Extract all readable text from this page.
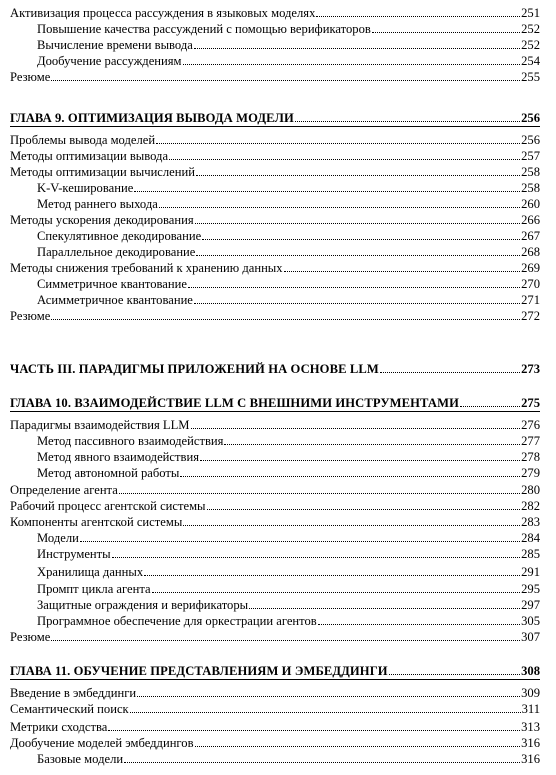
Активизация процесса рассуждения в языковых моделях	251
Повышение качества рассуждений с помощью верификаторов	252
Вычисление времени вывода	252
Дообучение рассуждениям	254
Резюме	255
ГЛАВА 9. ОПТИМИЗАЦИЯ ВЫВОДА МОДЕЛИ	256
Проблемы вывода моделей	256
Методы оптимизации вывода	257
Методы оптимизации вычислений	258
K-V-кеширование	258
Метод раннего выхода	260
Методы ускорения декодирования	266
Спекулятивное декодирование	267
Параллельное декодирование	268
Методы снижения требований к хранению данных	269
Симметричное квантование	270
Асимметричное квантование	271
Резюме	272
ЧАСТЬ III. ПАРАДИГМЫ ПРИЛОЖЕНИЙ НА ОСНОВЕ LLM	273
ГЛАВА 10. ВЗАИМОДЕЙСТВИЕ LLM С ВНЕШНИМИ ИНСТРУМЕНТАМИ	275
Парадигмы взаимодействия LLM	276
Метод пассивного взаимодействия	277
Метод явного взаимодействия	278
Метод автономной работы	279
Определение агента	280
Рабочий процесс агентской системы	282
Компоненты агентской системы	283
Модели	284
Инструменты	285
Хранилища данных	291
Промпт цикла агента	295
Защитные ограждения и верификаторы	297
Программное обеспечение для оркестрации агентов	305
Резюме	307
ГЛАВА 11. ОБУЧЕНИЕ ПРЕДСТАВЛЕНИЯМ И ЭМБЕДДИНГИ	308
Введение в эмбеддинги	309
Семантический поиск	311
Метрики сходства	313
Дообучение моделей эмбеддингов	316
Базовые модели	316
